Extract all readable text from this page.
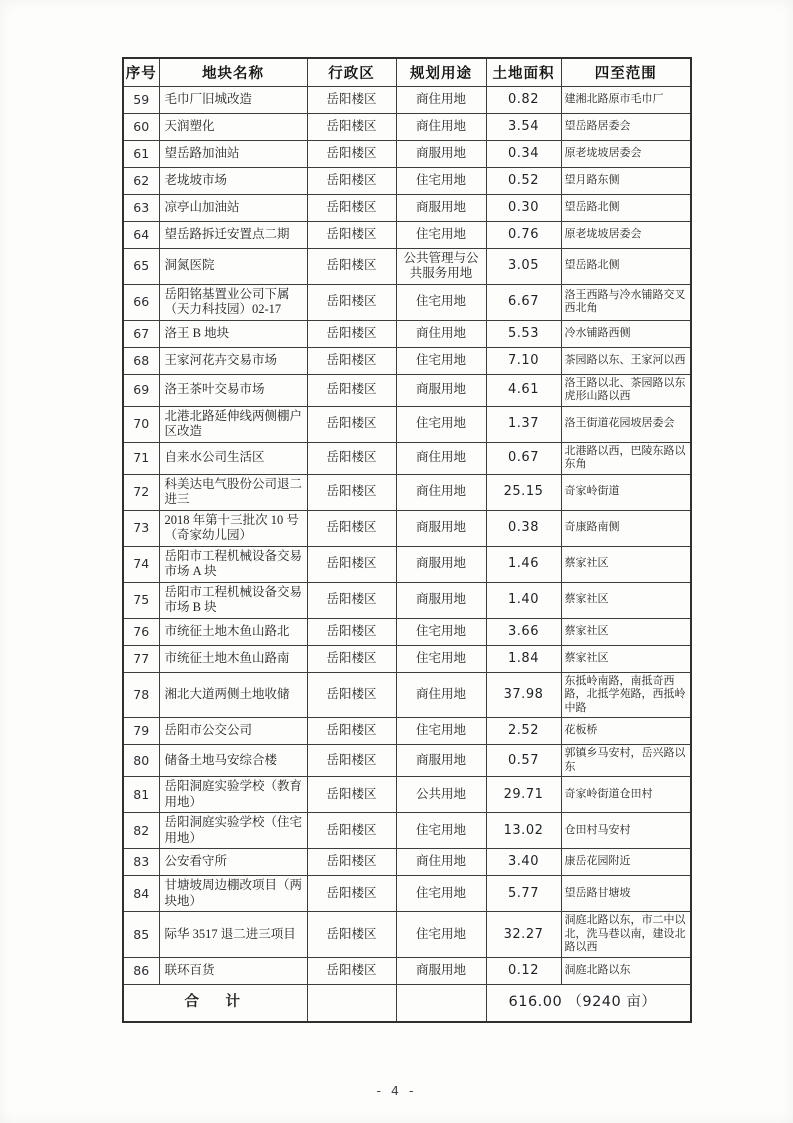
序号	地块名称	行政区	规划用途	土地面积	四至范围
59	毛巾厂旧城改造	岳阳楼区	商住用地	0.82	建湘北路原市毛巾厂
60	天润塑化	岳阳楼区	商住用地	3.54	望岳路居委会
61	望岳路加油站	岳阳楼区	商服用地	0.34	原老垅坡居委会
62	老垅坡市场	岳阳楼区	住宅用地	0.52	望月路东侧
63	凉亭山加油站	岳阳楼区	商服用地	0.30	望岳路北侧
64	望岳路拆迁安置点二期	岳阳楼区	住宅用地	0.76	原老垅坡居委会
65	洞氮医院	岳阳楼区	公共管理与公共服务用地	3.05	望岳路北侧
66	岳阳铭基置业公司下属（天力科技园）02-17	岳阳楼区	住宅用地	6.67	洛王西路与冷水铺路交叉西北角
67	洛王 B 地块	岳阳楼区	商住用地	5.53	冷水铺路西侧
68	王家河花卉交易市场	岳阳楼区	住宅用地	7.10	茶园路以东、王家河以西
69	洛王茶叶交易市场	岳阳楼区	商服用地	4.61	洛王路以北、茶园路以东虎形山路以西
70	北港北路延伸线两侧棚户区改造	岳阳楼区	住宅用地	1.37	洛王街道花园坡居委会
71	自来水公司生活区	岳阳楼区	商住用地	0.67	北港路以西，巴陵东路以东角
72	科美达电气股份公司退二进三	岳阳楼区	商住用地	25.15	奇家岭街道
73	2018 年第十三批次 10 号（奇家幼儿园）	岳阳楼区	商服用地	0.38	奇康路南侧
74	岳阳市工程机械设备交易市场 A 块	岳阳楼区	商服用地	1.46	蔡家社区
75	岳阳市工程机械设备交易市场 B 块	岳阳楼区	商服用地	1.40	蔡家社区
76	市统征土地木鱼山路北	岳阳楼区	住宅用地	3.66	蔡家社区
77	市统征土地木鱼山路南	岳阳楼区	住宅用地	1.84	蔡家社区
78	湘北大道两侧土地收储	岳阳楼区	商住用地	37.98	东抵岭南路，南抵奇西路，北抵学苑路，西抵岭中路
79	岳阳市公交公司	岳阳楼区	住宅用地	2.52	花板桥
80	储备土地马安综合楼	岳阳楼区	商服用地	0.57	郭镇乡马安村，岳兴路以东
81	岳阳洞庭实验学校（教育用地）	岳阳楼区	公共用地	29.71	奇家岭街道仓田村
82	岳阳洞庭实验学校（住宅用地）	岳阳楼区	住宅用地	13.02	仓田村马安村
83	公安看守所	岳阳楼区	商住用地	3.40	康岳花园附近
84	甘塘坡周边棚改项目（两块地）	岳阳楼区	住宅用地	5.77	望岳路甘塘坡
85	际华 3517 退二进三项目	岳阳楼区	住宅用地	32.27	洞庭北路以东，市二中以北，洗马巷以南，建设北路以西
86	联环百货	岳阳楼区	商服用地	0.12	洞庭北路以东
合　计				616.00 （9240 亩）	
- 4 -
